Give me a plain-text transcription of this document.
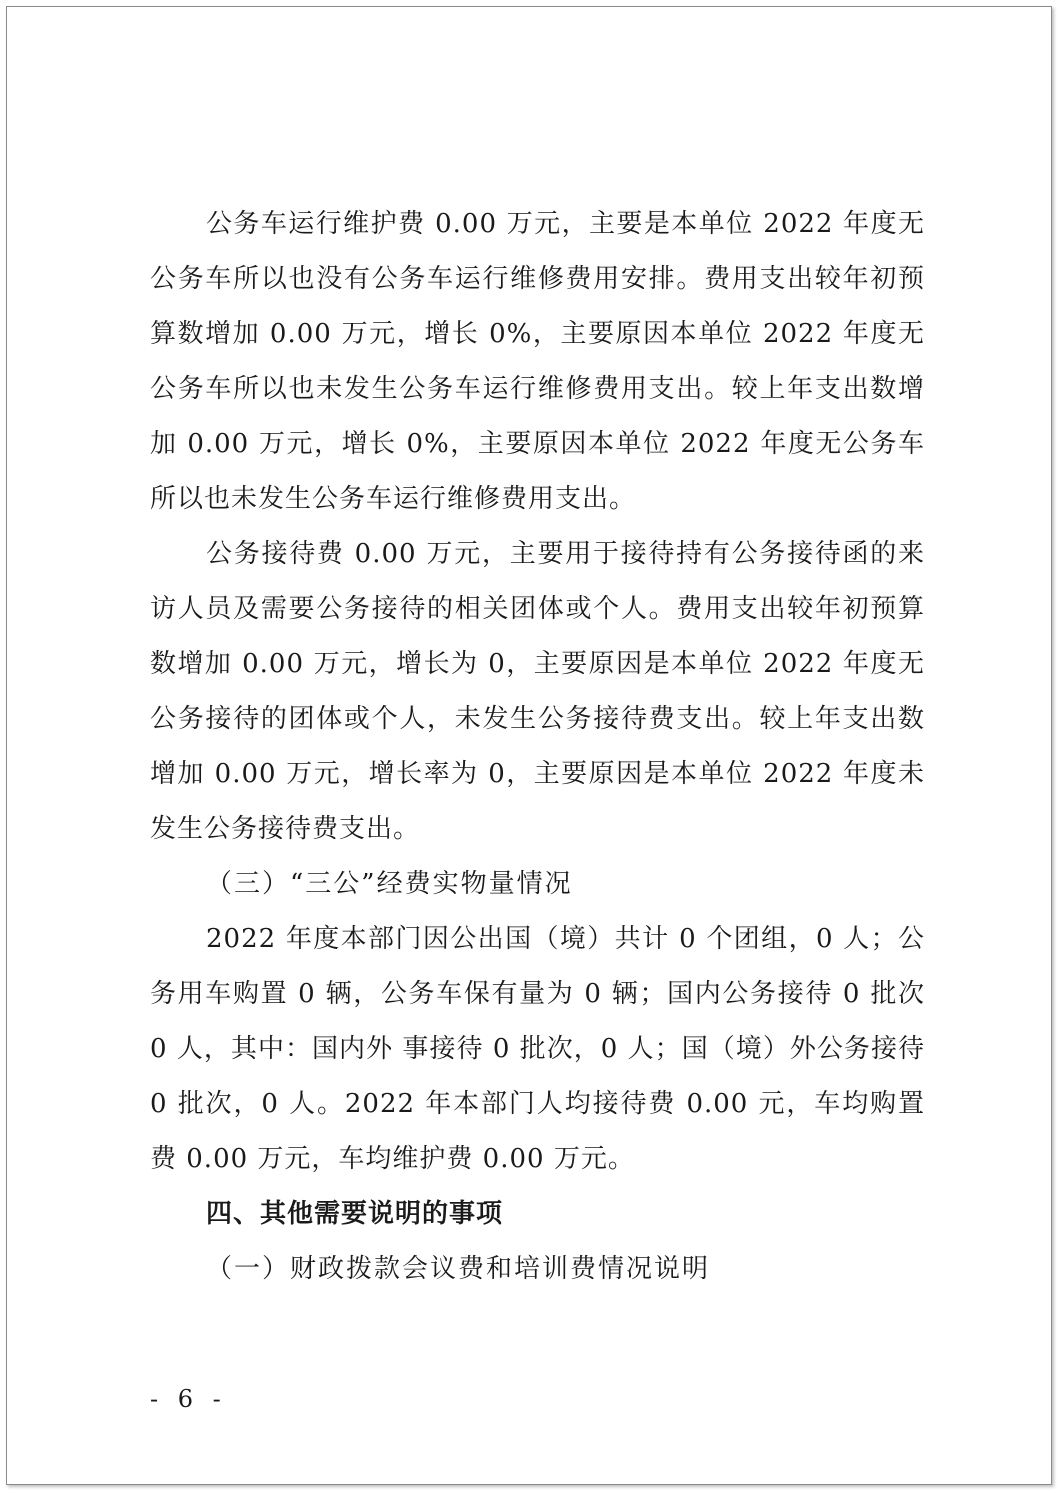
公务车运行维护费 0.00 万元，主要是本单位 2022 年度无公务车所以也没有公务车运行维修费用安排。费用支出较年初预算数增加 0.00 万元，增长 0%，主要原因本单位 2022 年度无公务车所以也未发生公务车运行维修费用支出。较上年支出数增加 0.00 万元，增长 0%，主要原因本单位 2022 年度无公务车所以也未发生公务车运行维修费用支出。

公务接待费 0.00 万元，主要用于接待持有公务接待函的来访人员及需要公务接待的相关团体或个人。费用支出较年初预算数增加 0.00 万元，增长为 0，主要原因是本单位 2022 年度无公务接待的团体或个人，未发生公务接待费支出。较上年支出数增加 0.00 万元，增长率为 0，主要原因是本单位 2022 年度未发生公务接待费支出。

（三）“三公”经费实物量情况

2022 年度本部门因公出国（境）共计 0 个团组，0 人；公务用车购置 0 辆，公务车保有量为 0 辆；国内公务接待 0 批次 0 人，其中：国内外 事接待 0 批次，0 人；国（境）外公务接待 0 批次，0 人。2022 年本部门人均接待费 0.00 元，车均购置费 0.00 万元，车均维护费 0.00 万元。

四、其他需要说明的事项

（一）财政拨款会议费和培训费情况说明

- 6 -
